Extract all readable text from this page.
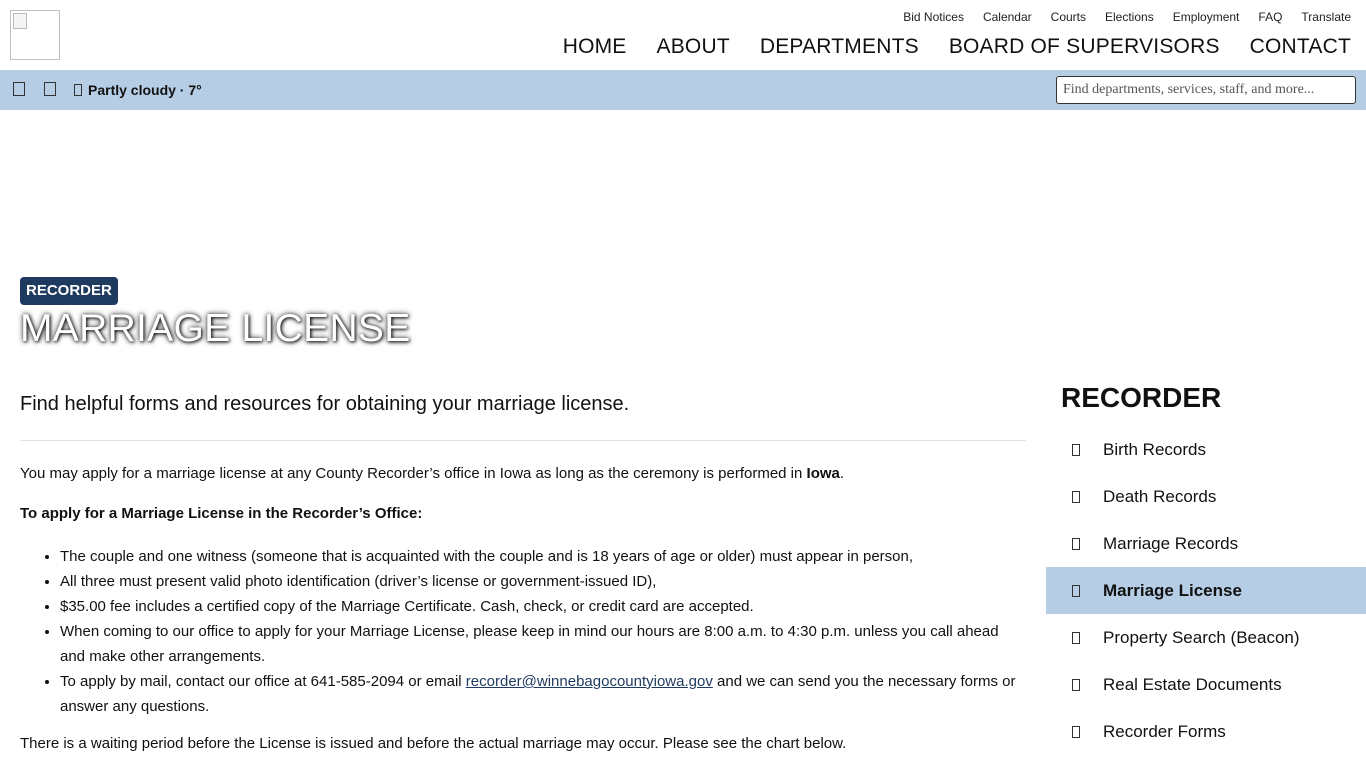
Bid Notices Calendar Courts Elections Employment FAQ Translate
HOME ABOUT DEPARTMENTS BOARD OF SUPERVISORS CONTACT
Partly cloudy · 7°
Find departments, services, staff, and more...
RECORDER
MARRIAGE LICENSE

Find helpful forms and resources for obtaining your marriage license.

You may apply for a marriage license at any County Recorder’s office in Iowa as long as the ceremony is performed in Iowa.

To apply for a Marriage License in the Recorder’s Office:

• The couple and one witness (someone that is acquainted with the couple and is 18 years of age or older) must appear in person,
• All three must present valid photo identification (driver’s license or government-issued ID),
• $35.00 fee includes a certified copy of the Marriage Certificate. Cash, check, or credit card are accepted.
• When coming to our office to apply for your Marriage License, please keep in mind our hours are 8:00 a.m. to 4:30 p.m. unless you call ahead and make other arrangements.
• To apply by mail, contact our office at 641-585-2094 or email recorder@winnebagocountyiowa.gov and we can send you the necessary forms or answer any questions.

There is a waiting period before the License is issued and before the actual marriage may occur. Please see the chart below.

RECORDER
Birth Records
Death Records
Marriage Records
Marriage License
Property Search (Beacon)
Real Estate Documents
Recorder Forms
